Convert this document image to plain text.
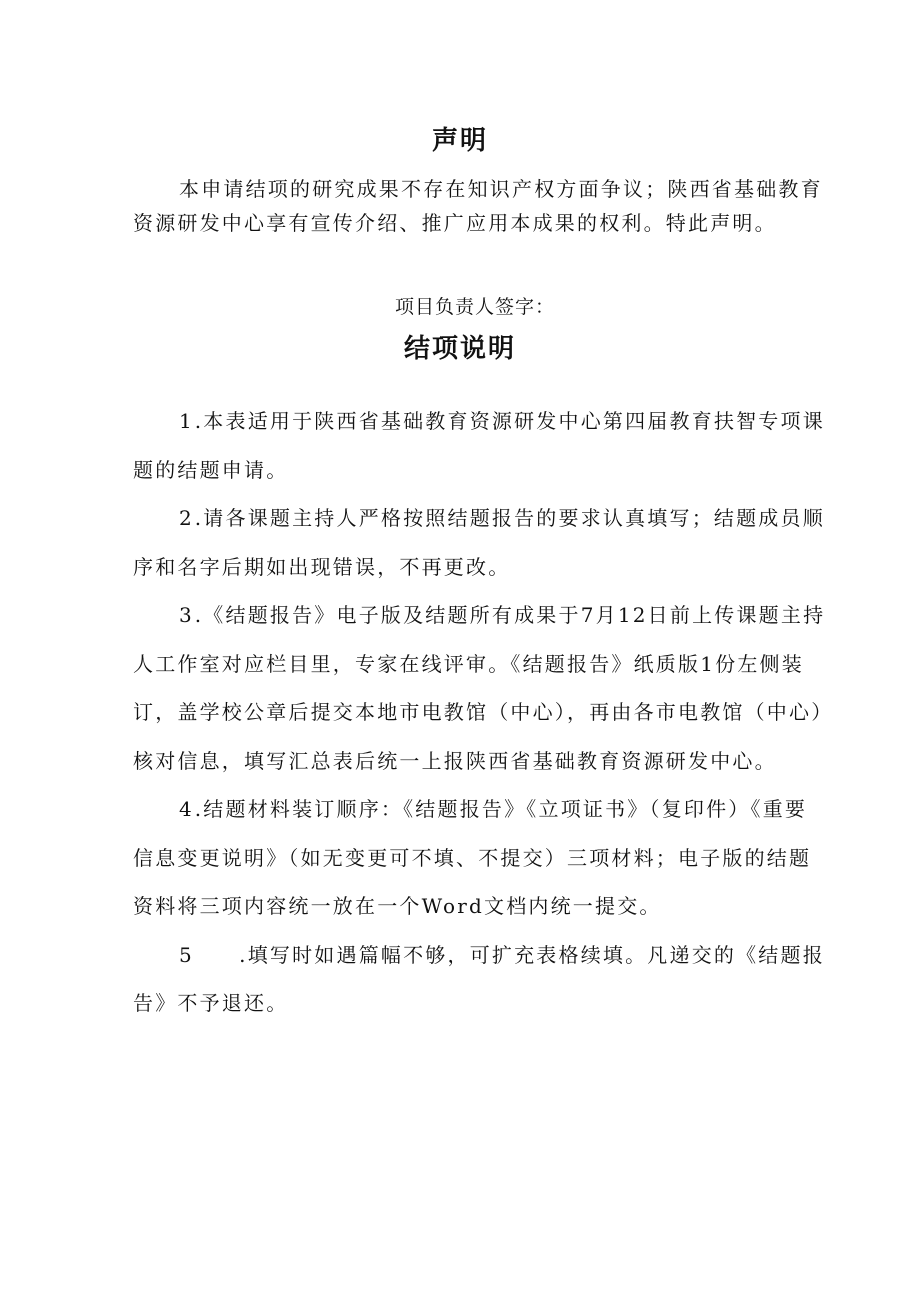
声明

本申请结项的研究成果不存在知识产权方面争议；陕西省基础教育资源研发中心享有宣传介绍、推广应用本成果的权利。特此声明。

项目负责人签字：
结项说明

1.本表适用于陕西省基础教育资源研发中心第四届教育扶智专项课题的结题申请。

2.请各课题主持人严格按照结题报告的要求认真填写；结题成员顺序和名字后期如出现错误，不再更改。

3.《结题报告》电子版及结题所有成果于7月12日前上传课题主持人工作室对应栏目里，专家在线评审。《结题报告》纸质版1份左侧装订，盖学校公章后提交本地市电教馆（中心），再由各市电教馆（中心）核对信息，填写汇总表后统一上报陕西省基础教育资源研发中心。

4.结题材料装订顺序：《结题报告》《立项证书》（复印件）《重要信息变更说明》（如无变更可不填、不提交）三项材料；电子版的结题资料将三项内容统一放在一个Word文档内统一提交。

5　　.填写时如遇篇幅不够，可扩充表格续填。凡递交的《结题报告》不予退还。
